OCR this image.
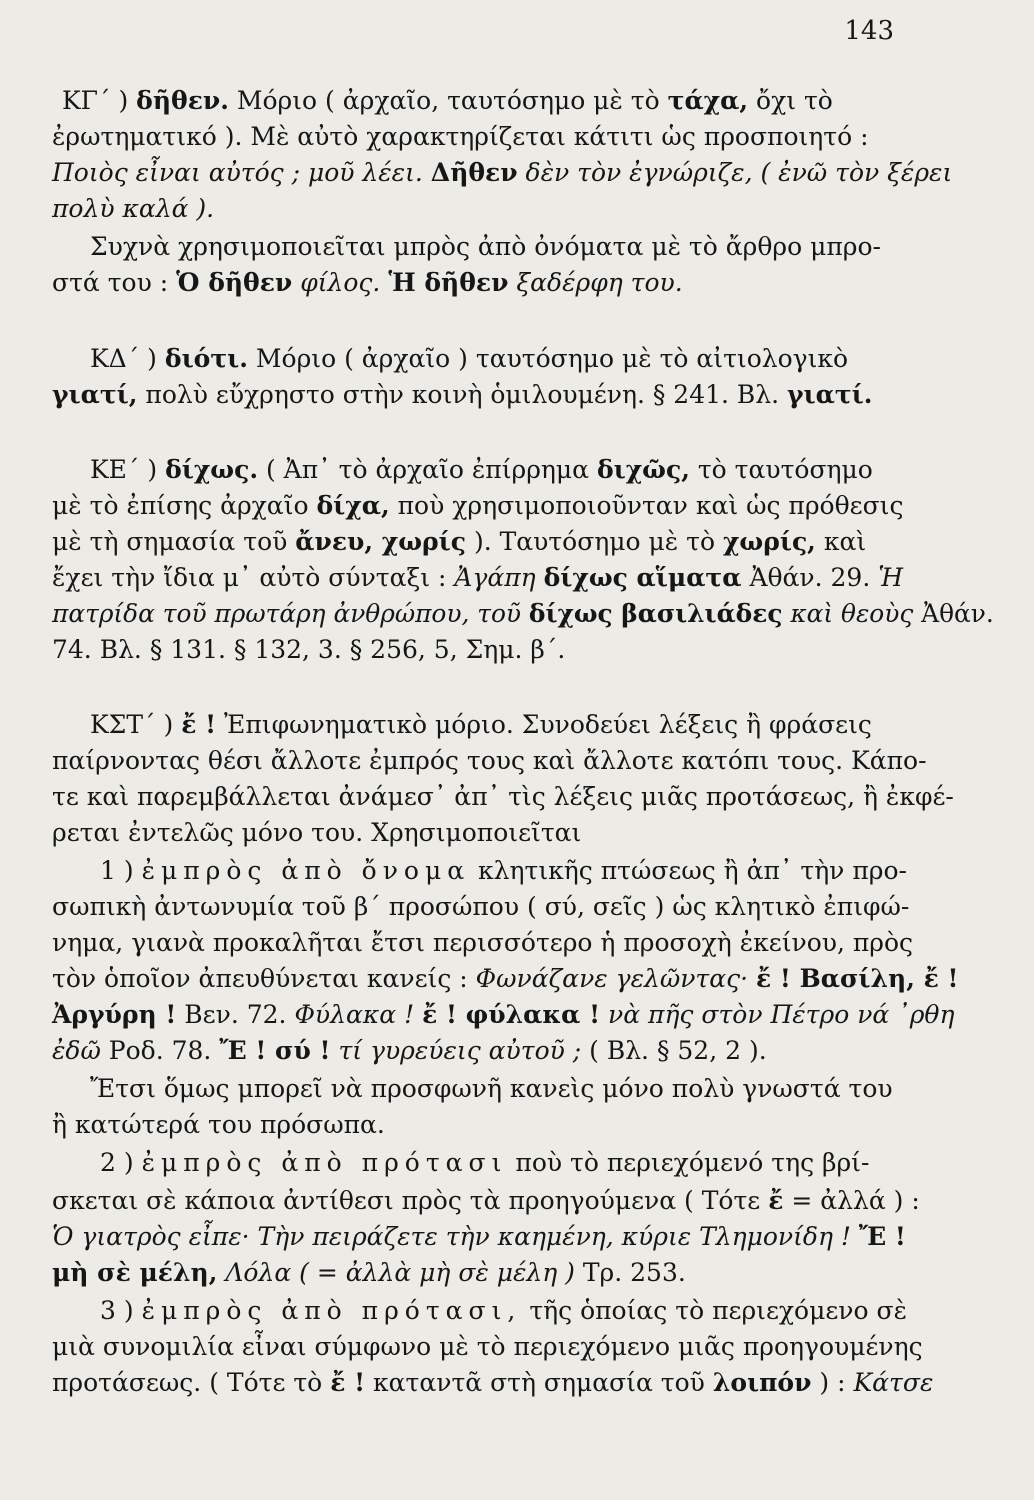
143
ΚΓ΄ ) δῆθεν. Μόριο ( ἀρχαῖο, ταυτόσημο μὲ τὸ τάχα, ὄχι τὸ
ἐρωτηματικό ). Μὲ αὐτὸ χαρακτηρίζεται κάτιτι ὡς προσποιητό :
Ποιὸς εἶναι αὐτός ; μοῦ λέει. Δῆθεν δὲν τὸν ἐγνώριζε, ( ἐνῶ τὸν ξέρει
πολὺ καλά ).
Συχνὰ χρησιμοποιεῖται μπρὸς ἀπὸ ὀνόματα μὲ τὸ ἄρθρο μπρο-
στά του : Ὁ δῆθεν φίλος. Ἡ δῆθεν ξαδέρφη του.
ΚΔ΄ ) διότι. Μόριο ( ἀρχαῖο ) ταυτόσημο μὲ τὸ αἰτιολογικὸ
γιατί, πολὺ εὔχρηστο στὴν κοινὴ ὁμιλουμένη. § 241. Βλ. γιατί.
ΚΕ΄ ) δίχως. ( Ἀπ᾽ τὸ ἀρχαῖο ἐπίρρημα διχῶς, τὸ ταυτόσημο
μὲ τὸ ἐπίσης ἀρχαῖο δίχα, ποὺ χρησιμοποιοῦνταν καὶ ὡς πρόθεσις
μὲ τὴ σημασία τοῦ ἄνευ, χωρίς ). Ταυτόσημο μὲ τὸ χωρίς, καὶ
ἔχει τὴν ἴδια μ᾽ αὐτὸ σύνταξι : Ἀγάπη δίχως αἵματα Ἀθάν. 29. Ἡ
πατρίδα τοῦ πρωτάρη ἀνθρώπου, τοῦ δίχως βασιλιάδες καὶ θεοὺς Ἀθάν.
74. Βλ. § 131. § 132, 3. § 256, 5, Σημ. β΄.
ΚΣΤ΄ ) ἔ ! Ἐπιφωνηματικὸ μόριο. Συνοδεύει λέξεις ἢ φράσεις
παίρνοντας θέσι ἄλλοτε ἐμπρός τους καὶ ἄλλοτε κατόπι τους. Κάπο-
τε καὶ παρεμβάλλεται ἀνάμεσ᾽ ἀπ᾽ τὶς λέξεις μιᾶς προτάσεως, ἢ ἐκφέ-
ρεται ἐντελῶς μόνο του. Χρησιμοποιεῖται
1 ) ἐμπρὸς ἀπὸ ὄνομα κλητικῆς πτώσεως ἢ ἀπ᾽ τὴν προ-
σωπικὴ ἀντωνυμία τοῦ β΄ προσώπου ( σύ, σεῖς ) ὡς κλητικὸ ἐπιφώ-
νημα, γιανὰ προκαλῆται ἔτσι περισσότερο ἡ προσοχὴ ἐκείνου, πρὸς
τὸν ὁποῖον ἀπευθύνεται κανείς : Φωνάζανε γελῶντας· ἔ ! Βασίλη, ἔ !
Ἀργύρη ! Βεν. 72. Φύλακα ! ἔ ! φύλακα ! νὰ πῆς στὸν Πέτρο νά ᾽ρθη
ἐδῶ Ροδ. 78. Ἔ ! σύ ! τί γυρεύεις αὐτοῦ ; ( Βλ. § 52, 2 ).
Ἔτσι ὅμως μπορεῖ νὰ προσφωνῆ κανεὶς μόνο πολὺ γνωστά του
ἢ κατώτερά του πρόσωπα.
2 ) ἐμπρὸς ἀπὸ πρότασι ποὺ τὸ περιεχόμενό της βρί-
σκεται σὲ κάποια ἀντίθεσι πρὸς τὰ προηγούμενα ( Τότε ἔ = ἀλλά ) :
Ὁ γιατρὸς εἶπε· Τὴν πειράζετε τὴν καημένη, κύριε Τλημονίδη ! Ἔ !
μὴ σὲ μέλη, Λόλα ( = ἀλλὰ μὴ σὲ μέλη ) Τρ. 253.
3 ) ἐμπρὸς ἀπὸ πρότασι, τῆς ὁποίας τὸ περιεχόμενο σὲ
μιὰ συνομιλία εἶναι σύμφωνο μὲ τὸ περιεχόμενο μιᾶς προηγουμένης
προτάσεως. ( Τότε τὸ ἔ ! καταντᾶ στὴ σημασία τοῦ λοιπόν ) : Κάτσε
